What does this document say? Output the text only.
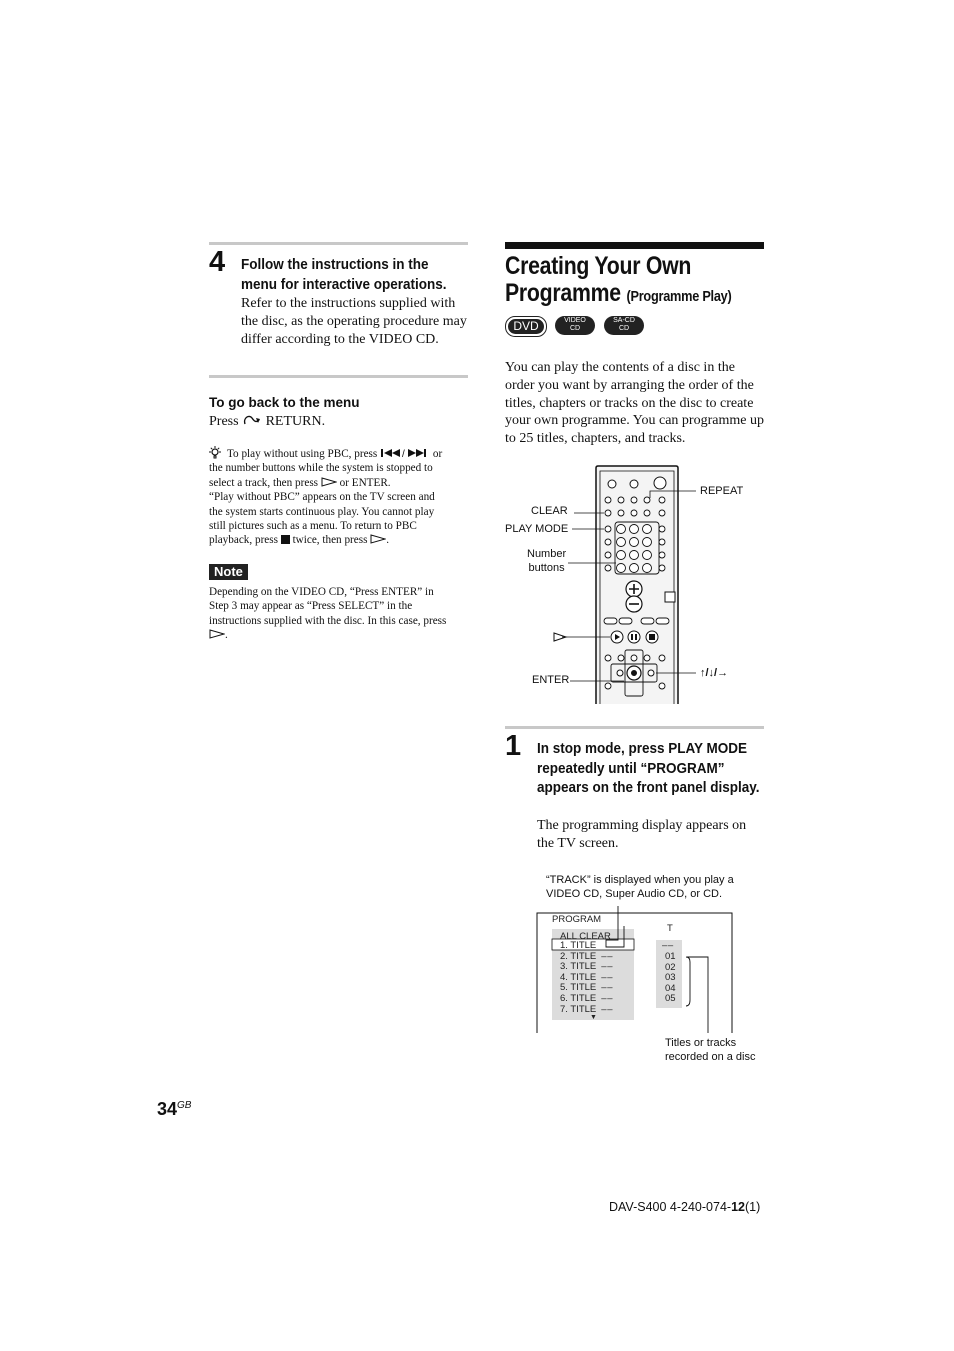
4 Follow the instructions in the menu for interactive operations.
Refer to the instructions supplied with the disc, as the operating procedure may differ according to the VIDEO CD.
To go back to the menu
Press RETURN.
To play without using PBC, press /	or
the number buttons while the system is stopped to
select a track, then press or ENTER.
“Play without PBC” appears on the TV screen and
the system starts continuous play. You cannot play
still pictures such as a menu. To return to PBC
playback, press twice, then press .
Note
Depending on the VIDEO CD, “Press ENTER” in
Step 3 may appear as “Press SELECT” in the
instructions supplied with the disc. In this case, press
.
Creating Your Own
Programme (Programme Play)
DVD	VIDEO
CD
SA-CD
CD
You can play the contents of a disc in the order you want by arranging the order of the titles, chapters or tracks on the disc to create your own programme. You can programme up to 25 titles, chapters, and tracks.
REPEAT
CLEAR
PLAY MODE
Number
buttons
ENTER
↑/↓/→
1 In stop mode, press PLAY MODE repeatedly until “PROGRAM” appears on the front panel display.
The programming display appears on the TV screen.
“TRACK” is displayed when you play a
VIDEO CD, Super Audio CD, or CD.
PROGRAM
T
ALL CLEAR
– –
1. TITLE
2. TITLE – –
3. TITLE – –
4. TITLE – –
5. TITLE – –
6. TITLE – –
7. TITLE – –
01
02
03
04
05
▼
Titles or tracks
recorded on a disc
$34^{GB}$
DAV-S400 4-240-074-12(1)
